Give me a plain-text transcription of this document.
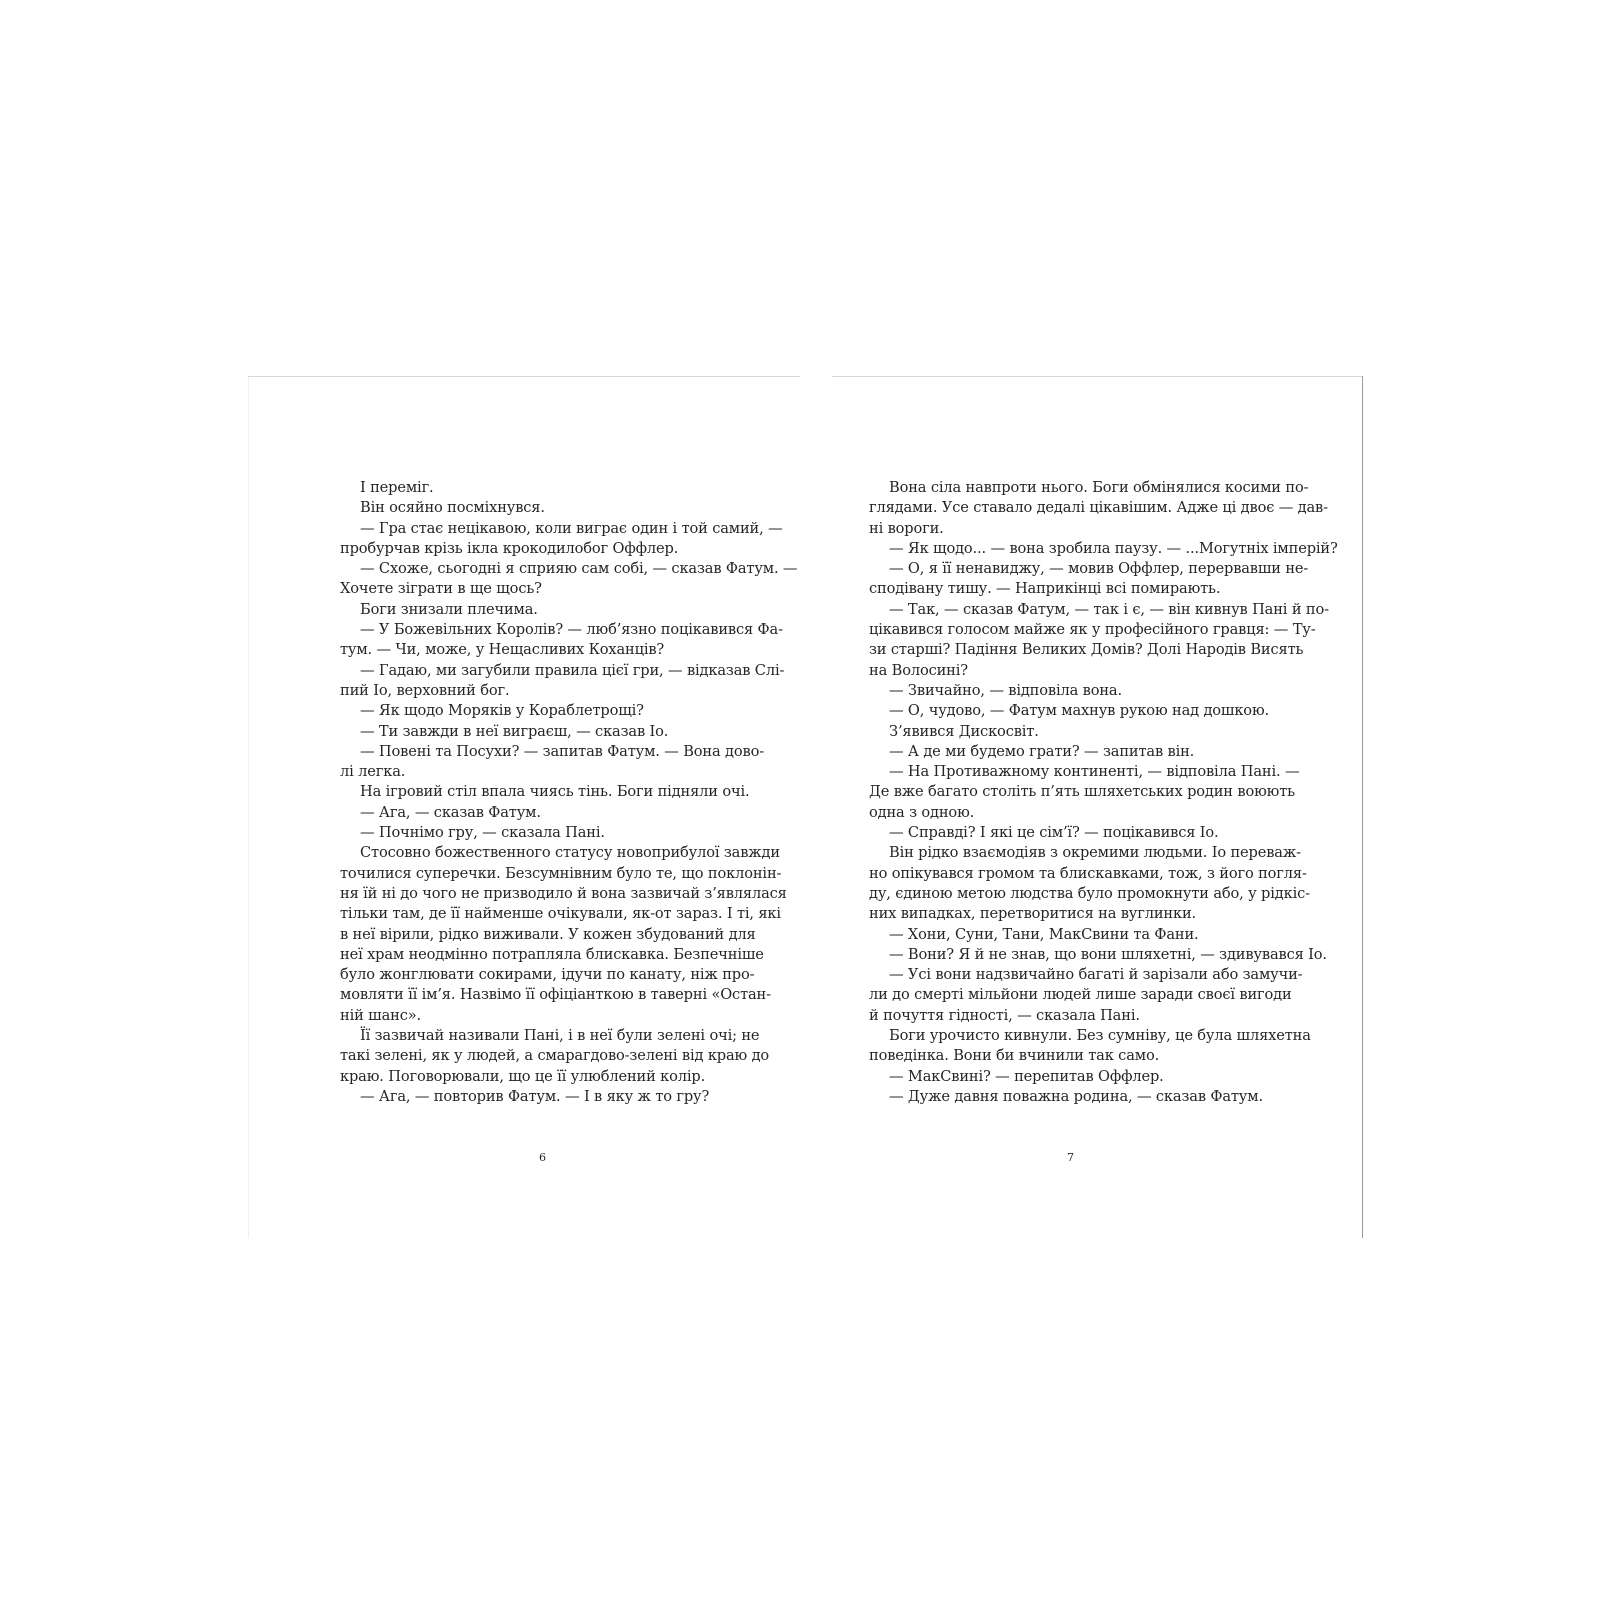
І переміг.
Він осяйно посміхнувся.
— Гра стає нецікавою, коли виграє один і той самий, —
пробурчав крізь ікла крокодилобог Оффлер.
— Схоже, сьогодні я сприяю сам собі, — сказав Фатум. —
Хочете зіграти в ще щось?
Боги знизали плечима.
— У Божевільних Королів? — люб’язно поцікавився Фа-
тум. — Чи, може, у Нещасливих Коханців?
— Гадаю, ми загубили правила цієї гри, — відказав Слі-
пий Іо, верховний бог.
— Як щодо Моряків у Кораблетрощі?
— Ти завжди в неї виграєш, — сказав Іо.
— Повені та Посухи? — запитав Фатум. — Вона дово-
лі легка.
На ігровий стіл впала чиясь тінь. Боги підняли очі.
— Ага, — сказав Фатум.
— Почнімо гру, — сказала Пані.
Стосовно божественного статусу новоприбулої завжди
точилися суперечки. Безсумнівним було те, що поклонін-
ня їй ні до чого не призводило й вона зазвичай з’являлася
тільки там, де її найменше очікували, як-от зараз. І ті, які
в неї вірили, рідко виживали. У кожен збудований для
неї храм неодмінно потрапляла блискавка. Безпечніше
було жонглювати сокирами, ідучи по канату, ніж про-
мовляти її ім’я. Назвімо її офіціанткою в таверні «Остан-
ній шанс».
Її зазвичай називали Пані, і в неї були зелені очі; не
такі зелені, як у людей, а смарагдово-зелені від краю до
краю. Поговорювали, що це її улюблений колір.
— Ага, — повторив Фатум. — І в яку ж то гру?
Вона сіла навпроти нього. Боги обмінялися косими по-
глядами. Усе ставало дедалі цікавішим. Адже ці двоє — дав-
ні вороги.
— Як щодо... — вона зробила паузу. — ...Могутніх імперій?
— О, я її ненавиджу, — мовив Оффлер, перервавши не-
сподівану тишу. — Наприкінці всі помирають.
— Так, — сказав Фатум, — так і є, — він кивнув Пані й по-
цікавився голосом майже як у професійного гравця: — Ту-
зи старші? Падіння Великих Домів? Долі Народів Висять
на Волосині?
— Звичайно, — відповіла вона.
— О, чудово, — Фатум махнув рукою над дошкою.
З’явився Дискосвіт.
— А де ми будемо грати? — запитав він.
— На Противажному континенті, — відповіла Пані. —
Де вже багато століть п’ять шляхетських родин воюють
одна з одною.
— Справді? І які це сім’ї? — поцікавився Іо.
Він рідко взаємодіяв з окремими людьми. Іо переваж-
но опікувався громом та блискавками, тож, з його погля-
ду, єдиною метою людства було промокнути або, у рідкіс-
них випадках, перетворитися на вуглинки.
— Хони, Суни, Тани, МакСвини та Фани.
— Вони? Я й не знав, що вони шляхетні, — здивувався Іо.
— Усі вони надзвичайно багаті й зарізали або замучи-
ли до смерті мільйони людей лише заради своєї вигоди
й почуття гідності, — сказала Пані.
Боги урочисто кивнули. Без сумніву, це була шляхетна
поведінка. Вони би вчинили так само.
— МакСвині? — перепитав Оффлер.
— Дуже давня поважна родина, — сказав Фатум.
6	7
